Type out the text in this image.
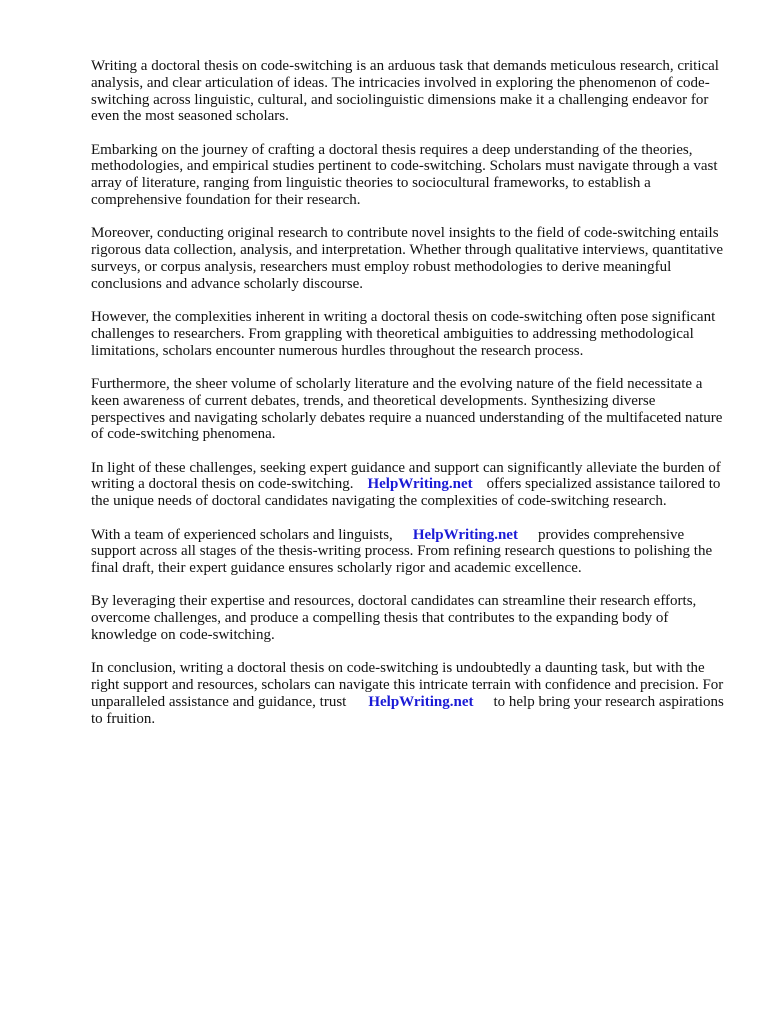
Writing a doctoral thesis on code-switching is an arduous task that demands meticulous research, critical analysis, and clear articulation of ideas. The intricacies involved in exploring the phenomenon of code-switching across linguistic, cultural, and sociolinguistic dimensions make it a challenging endeavor for even the most seasoned scholars.

Embarking on the journey of crafting a doctoral thesis requires a deep understanding of the theories, methodologies, and empirical studies pertinent to code-switching. Scholars must navigate through a vast array of literature, ranging from linguistic theories to sociocultural frameworks, to establish a comprehensive foundation for their research.

Moreover, conducting original research to contribute novel insights to the field of code-switching entails rigorous data collection, analysis, and interpretation. Whether through qualitative interviews, quantitative surveys, or corpus analysis, researchers must employ robust methodologies to derive meaningful conclusions and advance scholarly discourse.

However, the complexities inherent in writing a doctoral thesis on code-switching often pose significant challenges to researchers. From grappling with theoretical ambiguities to addressing methodological limitations, scholars encounter numerous hurdles throughout the research process.

Furthermore, the sheer volume of scholarly literature and the evolving nature of the field necessitate a keen awareness of current debates, trends, and theoretical developments. Synthesizing diverse perspectives and navigating scholarly debates require a nuanced understanding of the multifaceted nature of code-switching phenomena.

In light of these challenges, seeking expert guidance and support can significantly alleviate the burden of writing a doctoral thesis on code-switching. HelpWriting.net offers specialized assistance tailored to the unique needs of doctoral candidates navigating the complexities of code-switching research.

With a team of experienced scholars and linguists, HelpWriting.net provides comprehensive support across all stages of the thesis-writing process. From refining research questions to polishing the final draft, their expert guidance ensures scholarly rigor and academic excellence.

By leveraging their expertise and resources, doctoral candidates can streamline their research efforts, overcome challenges, and produce a compelling thesis that contributes to the expanding body of knowledge on code-switching.

In conclusion, writing a doctoral thesis on code-switching is undoubtedly a daunting task, but with the right support and resources, scholars can navigate this intricate terrain with confidence and precision. For unparalleled assistance and guidance, trust HelpWriting.net to help bring your research aspirations to fruition.
